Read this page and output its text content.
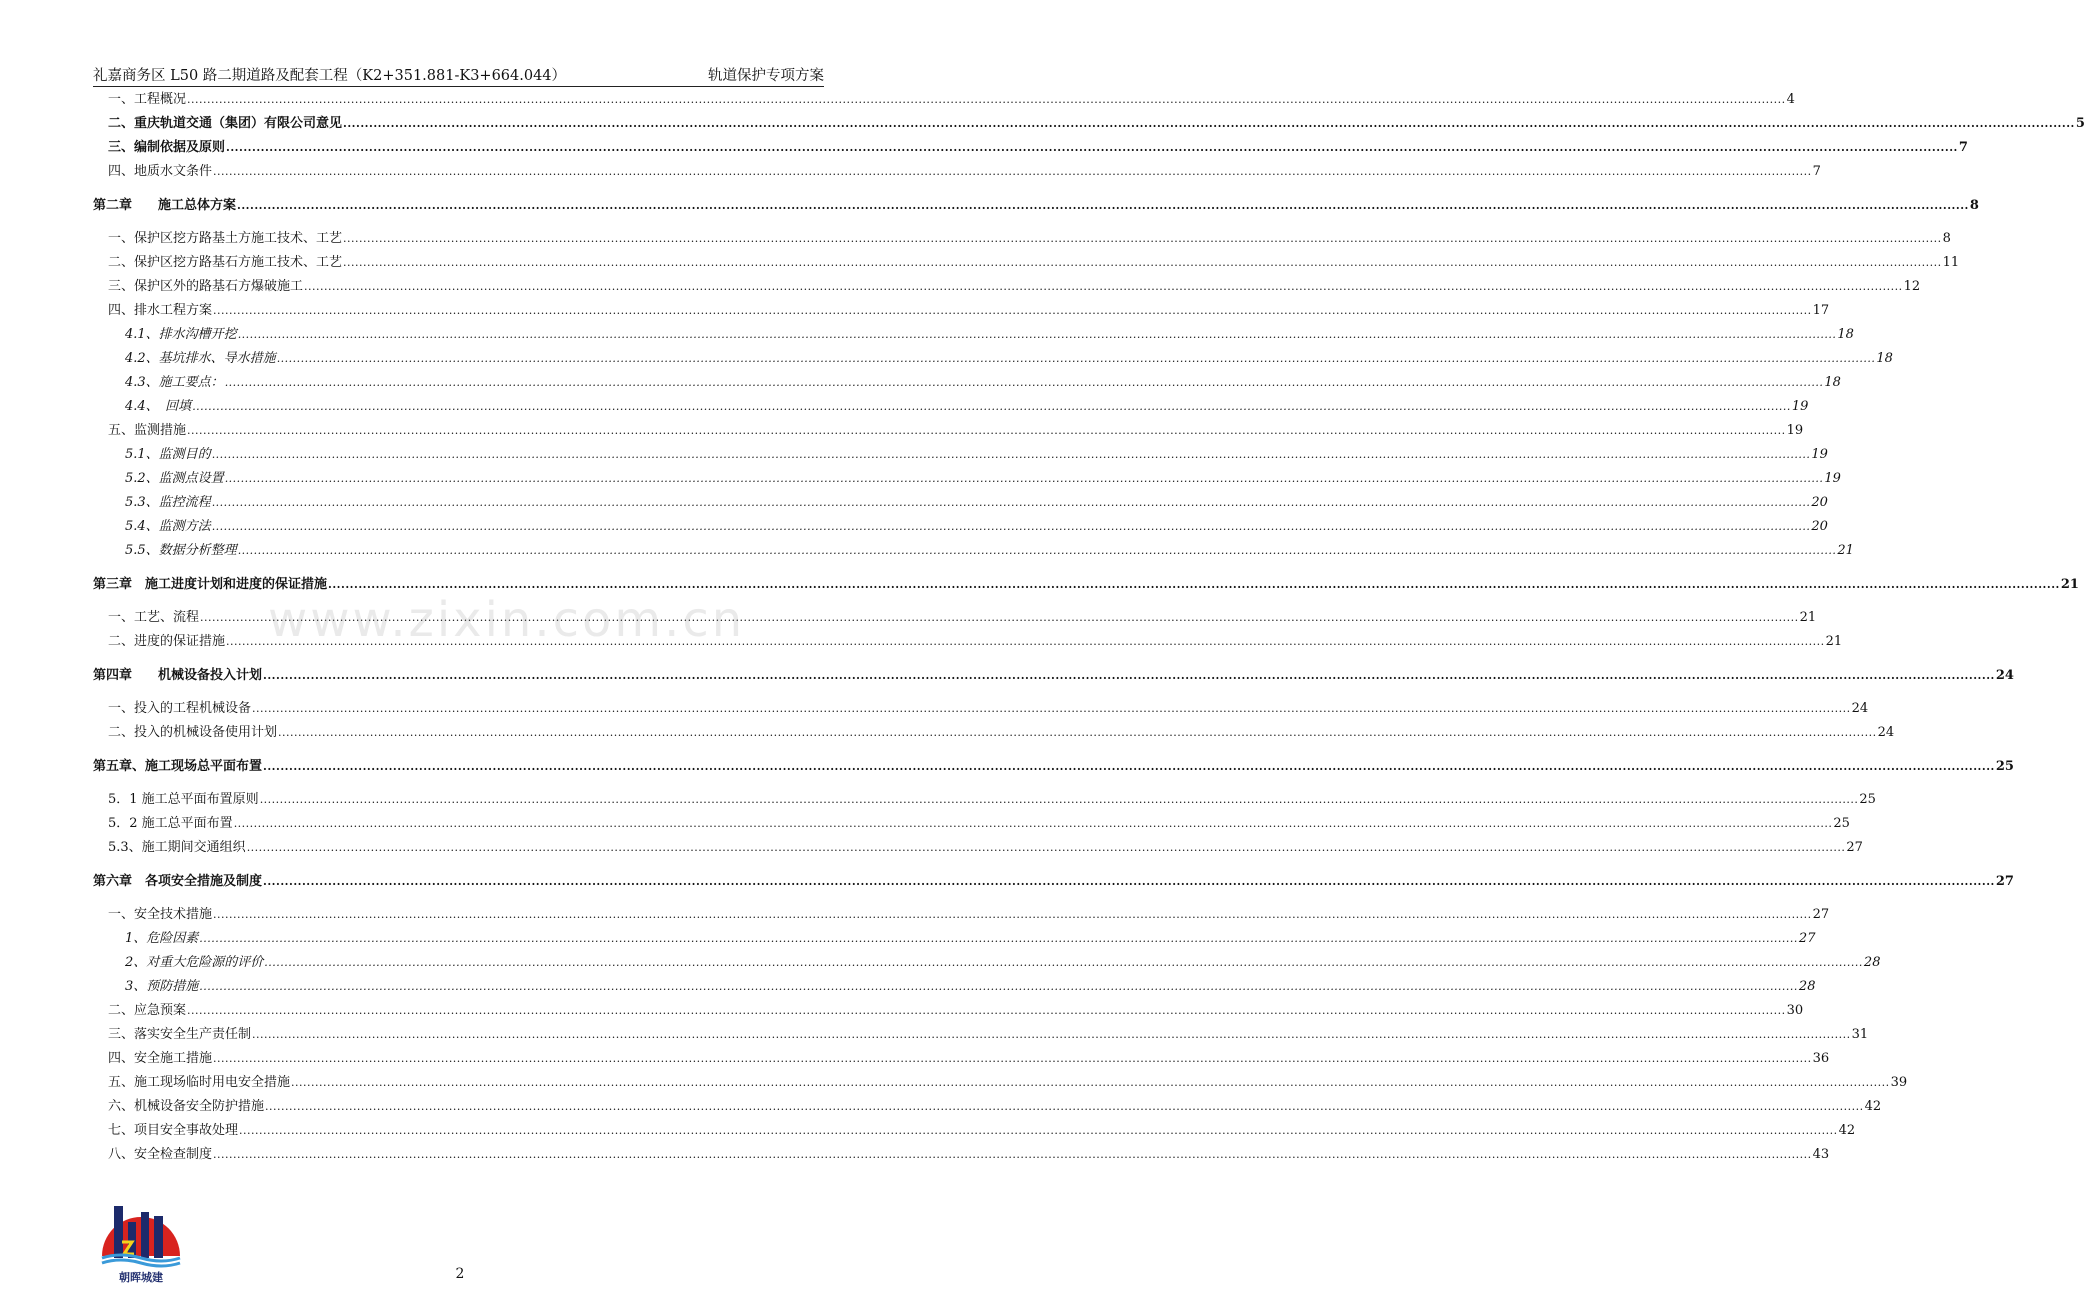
礼嘉商务区 L50 路二期道路及配套工程（K2+351.881-K3+664.044）	轨道保护专项方案
一、工程概况 ................................................................................................................................................................................................................................................................................................................................................................................................................ 4
二、重庆轨道交通（集团）有限公司意见 ................................................................................................................................................................................................................................................................................................................................................................................................................ 5
三、编制依据及原则 ................................................................................................................................................................................................................................................................................................................................................................................................................ 7
四、地质水文条件 ................................................................................................................................................................................................................................................................................................................................................................................................................ 7
第二章　　施工总体方案 ................................................................................................................................................................................................................................................................................................................................................................................................................ 8
一、保护区挖方路基土方施工技术、工艺 ................................................................................................................................................................................................................................................................................................................................................................................................................ 8
二、保护区挖方路基石方施工技术、工艺 ................................................................................................................................................................................................................................................................................................................................................................................................................ 11
三、保护区外的路基石方爆破施工 ................................................................................................................................................................................................................................................................................................................................................................................................................ 12
四、排水工程方案 ................................................................................................................................................................................................................................................................................................................................................................................................................ 17
4.1、排水沟槽开挖 ................................................................................................................................................................................................................................................................................................................................................................................................................ 18
4.2、基坑排水、导水措施 ................................................................................................................................................................................................................................................................................................................................................................................................................ 18
4.3、施工要点： ................................................................................................................................................................................................................................................................................................................................................................................................................ 18
4.4、　回填 ................................................................................................................................................................................................................................................................................................................................................................................................................ 19
五、监测措施 ................................................................................................................................................................................................................................................................................................................................................................................................................ 19
5.1、监测目的 ................................................................................................................................................................................................................................................................................................................................................................................................................ 19
5.2、监测点设置 ................................................................................................................................................................................................................................................................................................................................................................................................................ 19
5.3、监控流程 ................................................................................................................................................................................................................................................................................................................................................................................................................ 20
5.4、监测方法 ................................................................................................................................................................................................................................................................................................................................................................................................................ 20
5.5、数据分析整理 ................................................................................................................................................................................................................................................................................................................................................................................................................ 21
第三章　施工进度计划和进度的保证措施 ................................................................................................................................................................................................................................................................................................................................................................................................................ 21
一、工艺、流程 ................................................................................................................................................................................................................................................................................................................................................................................................................ 21
二、进度的保证措施 ................................................................................................................................................................................................................................................................................................................................................................................................................ 21
第四章　　机械设备投入计划 ................................................................................................................................................................................................................................................................................................................................................................................................................ 24
一、投入的工程机械设备 ................................................................................................................................................................................................................................................................................................................................................................................................................ 24
二、投入的机械设备使用计划 ................................................................................................................................................................................................................................................................................................................................................................................................................ 24
第五章、施工现场总平面布置 ................................................................................................................................................................................................................................................................................................................................................................................................................ 25
5．1 施工总平面布置原则 ................................................................................................................................................................................................................................................................................................................................................................................................................ 25
5．2 施工总平面布置 ................................................................................................................................................................................................................................................................................................................................................................................................................ 25
5.3、施工期间交通组织 ................................................................................................................................................................................................................................................................................................................................................................................................................ 27
第六章　各项安全措施及制度 ................................................................................................................................................................................................................................................................................................................................................................................................................ 27
一、安全技术措施 ................................................................................................................................................................................................................................................................................................................................................................................................................ 27
1、危险因素 ................................................................................................................................................................................................................................................................................................................................................................................................................ 27
2、对重大危险源的评价 ................................................................................................................................................................................................................................................................................................................................................................................................................ 28
3、预防措施 ................................................................................................................................................................................................................................................................................................................................................................................................................ 28
二、应急预案 ................................................................................................................................................................................................................................................................................................................................................................................................................ 30
三、落实安全生产责任制 ................................................................................................................................................................................................................................................................................................................................................................................................................ 31
四、安全施工措施 ................................................................................................................................................................................................................................................................................................................................................................................................................ 36
五、施工现场临时用电安全措施 ................................................................................................................................................................................................................................................................................................................................................................................................................ 39
六、机械设备安全防护措施 ................................................................................................................................................................................................................................................................................................................................................................................................................ 42
七、项目安全事故处理 ................................................................................................................................................................................................................................................................................................................................................................................................................ 42
八、安全检查制度 ................................................................................................................................................................................................................................................................................................................................................................................................................ 43
www.zixin.com.cn
朝晖城建	2
